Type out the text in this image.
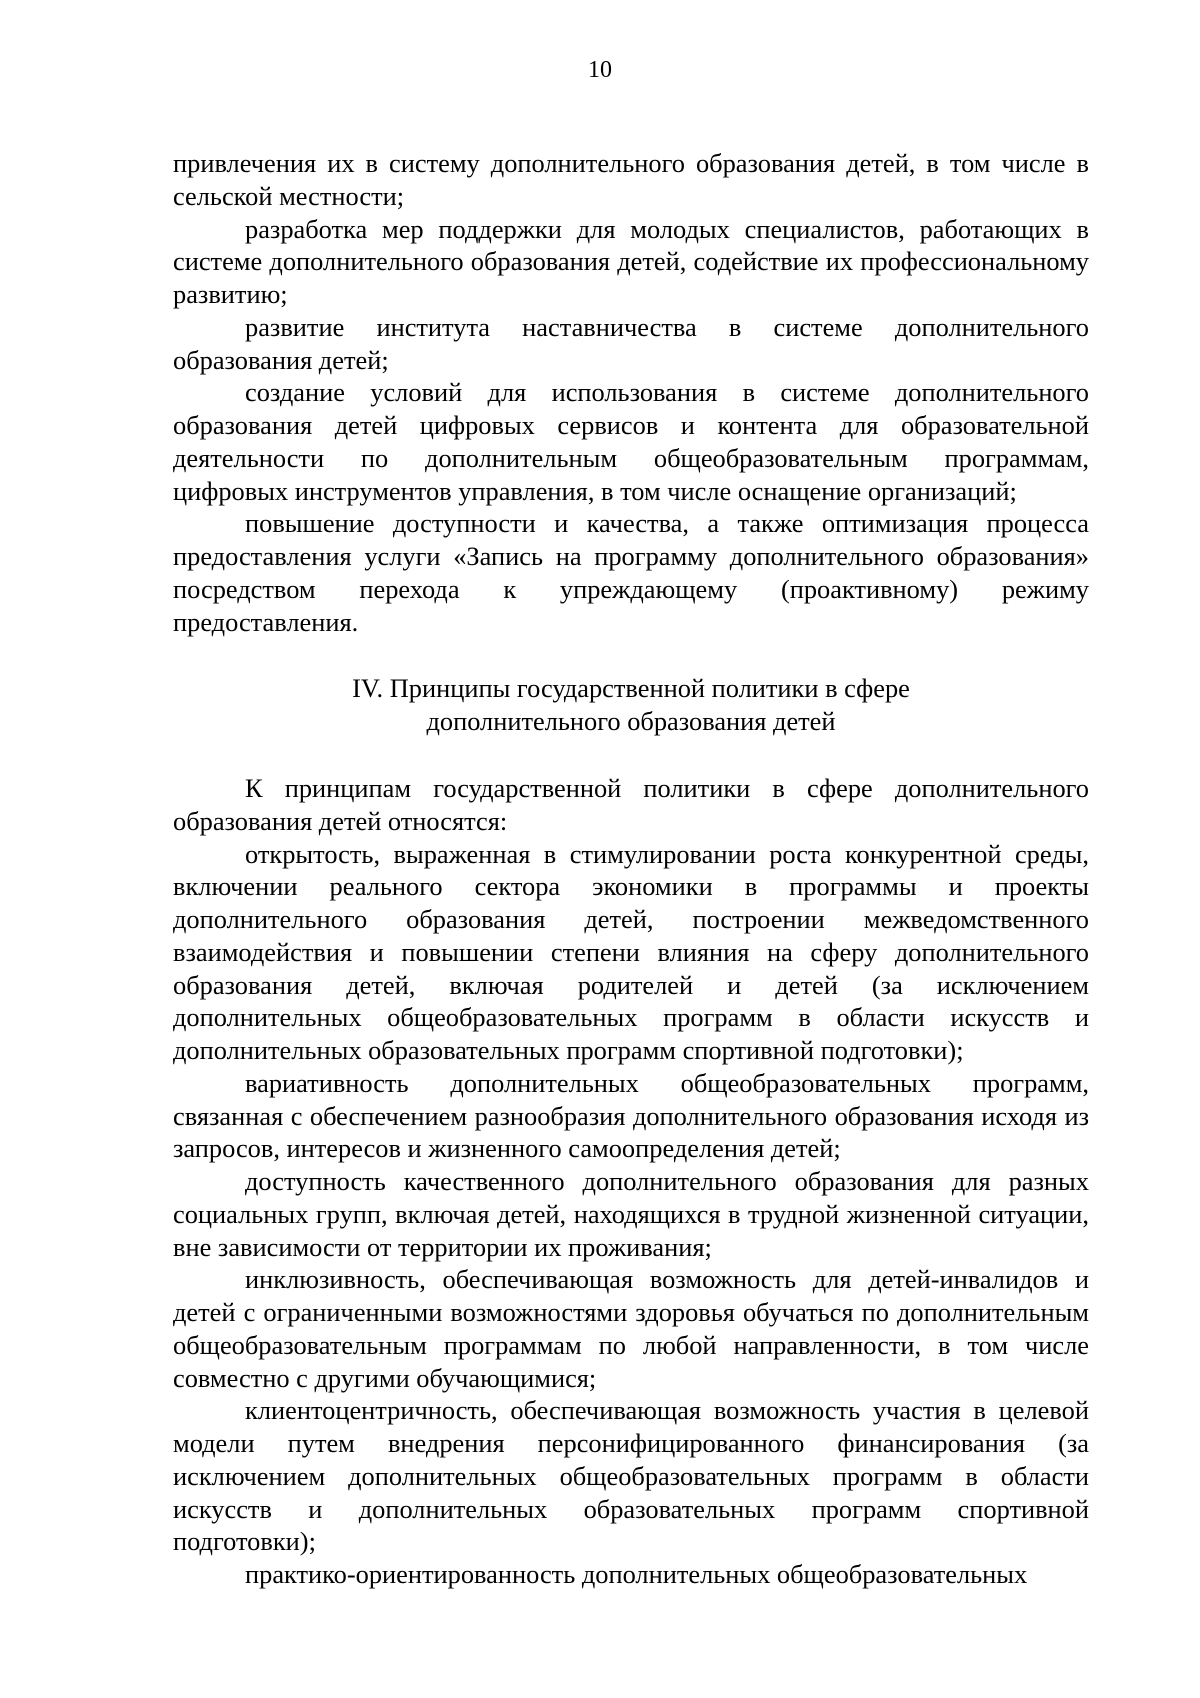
10

привлечения их в систему дополнительного образования детей, в том числе в сельской местности;

разработка мер поддержки для молодых специалистов, работающих в системе дополнительного образования детей, содействие их профессиональному развитию;

развитие института наставничества в системе дополнительного образования детей;

создание условий для использования в системе дополнительного образования детей цифровых сервисов и контента для образовательной деятельности по дополнительным общеобразовательным программам, цифровых инструментов управления, в том числе оснащение организаций;

повышение доступности и качества, а также оптимизация процесса предоставления услуги «Запись на программу дополнительного образования» посредством перехода к упреждающему (проактивному) режиму предоставления.

IV. Принципы государственной политики в сфере
дополнительного образования детей

К принципам государственной политики в сфере дополнительного образования детей относятся:

открытость, выраженная в стимулировании роста конкурентной среды, включении реального сектора экономики в программы и проекты дополнительного образования детей, построении межведомственного взаимодействия и повышении степени влияния на сферу дополнительного образования детей, включая родителей и детей (за исключением дополнительных общеобразовательных программ в области искусств и дополнительных образовательных программ спортивной подготовки);

вариативность дополнительных общеобразовательных программ, связанная с обеспечением разнообразия дополнительного образования исходя из запросов, интересов и жизненного самоопределения детей;

доступность качественного дополнительного образования для разных социальных групп, включая детей, находящихся в трудной жизненной ситуации, вне зависимости от территории их проживания;

инклюзивность, обеспечивающая возможность для детей-инвалидов и детей с ограниченными возможностями здоровья обучаться по дополнительным общеобразовательным программам по любой направленности, в том числе совместно с другими обучающимися;

клиентоцентричность, обеспечивающая возможность участия в целевой модели путем внедрения персонифицированного финансирования (за исключением дополнительных общеобразовательных программ в области искусств и дополнительных образовательных программ спортивной подготовки);

практико-ориентированность дополнительных общеобразовательных
